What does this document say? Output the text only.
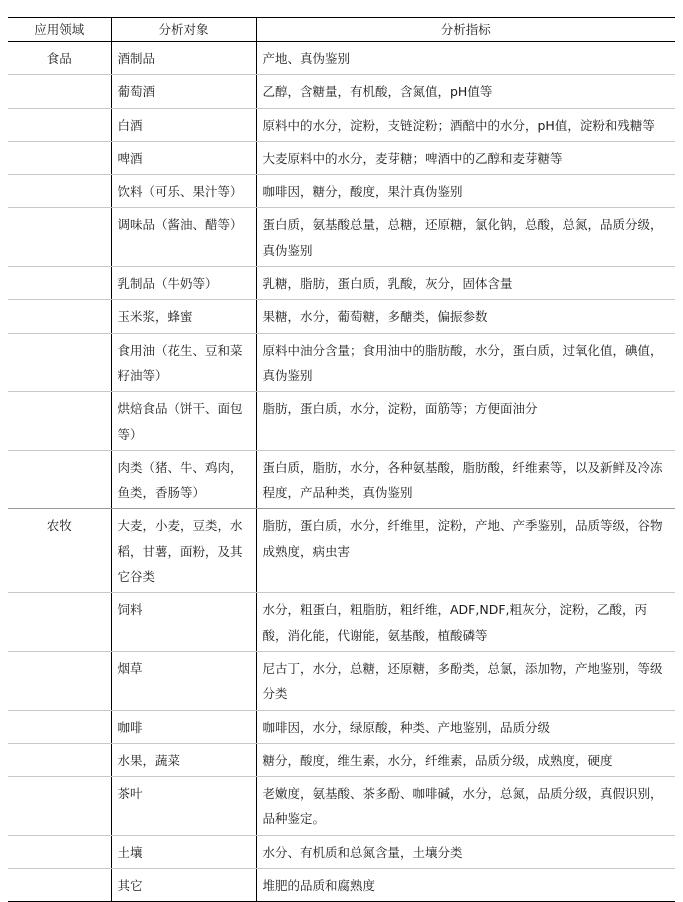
应用领域	分析对象	分析指标
食品	酒制品	产地、真伪鉴别
	葡萄酒	乙醇，含糖量，有机酸，含氮值，pH值等
	白酒	原料中的水分，淀粉，支链淀粉；酒醅中的水分，pH值，淀粉和残糖等
	啤酒	大麦原料中的水分，麦芽糖；啤酒中的乙醇和麦芽糖等
	饮料（可乐、果汁等）	咖啡因，糖分，酸度，果汁真伪鉴别
	调味品（酱油、醋等）	蛋白质，氨基酸总量，总糖，还原糖，氯化钠，总酸，总氮，品质分级，真伪鉴别
	乳制品（牛奶等）	乳糖，脂肪，蛋白质，乳酸，灰分，固体含量
	玉米浆，蜂蜜	果糖，水分，葡萄糖，多醣类，偏振参数
	食用油（花生、豆和菜籽油等）	原料中油分含量；食用油中的脂肪酸，水分，蛋白质，过氧化值，碘值，真伪鉴别
	烘焙食品（饼干、面包等）	脂肪，蛋白质，水分，淀粉，面筋等；方便面油分
	肉类（猪、牛、鸡肉，鱼类，香肠等）	蛋白质，脂肪，水分，各种氨基酸，脂肪酸，纤维素等，以及新鲜及冷冻程度，产品种类，真伪鉴别
农牧	大麦，小麦，豆类，水稻，甘薯，面粉，及其它谷类	脂肪，蛋白质，水分，纤维里，淀粉，产地、产季鉴别，品质等级，谷物成熟度，病虫害
	饲料	水分，粗蛋白，粗脂肪，粗纤维，ADF,NDF,粗灰分，淀粉，乙酸，丙酸，消化能，代谢能，氨基酸，植酸磷等
	烟草	尼古丁，水分，总糖，还原糖，多酚类，总氯，添加物，产地鉴别，等级分类
	咖啡	咖啡因，水分，绿原酸，种类、产地鉴别，品质分级
	水果，蔬菜	糖分，酸度，维生素，水分，纤维素，品质分级，成熟度，硬度
	茶叶	老嫩度，氨基酸、茶多酚、咖啡碱，水分，总氮，品质分级，真假识别，品种鉴定。
	土壤	水分、有机质和总氮含量，土壤分类
	其它	堆肥的品质和腐熟度
